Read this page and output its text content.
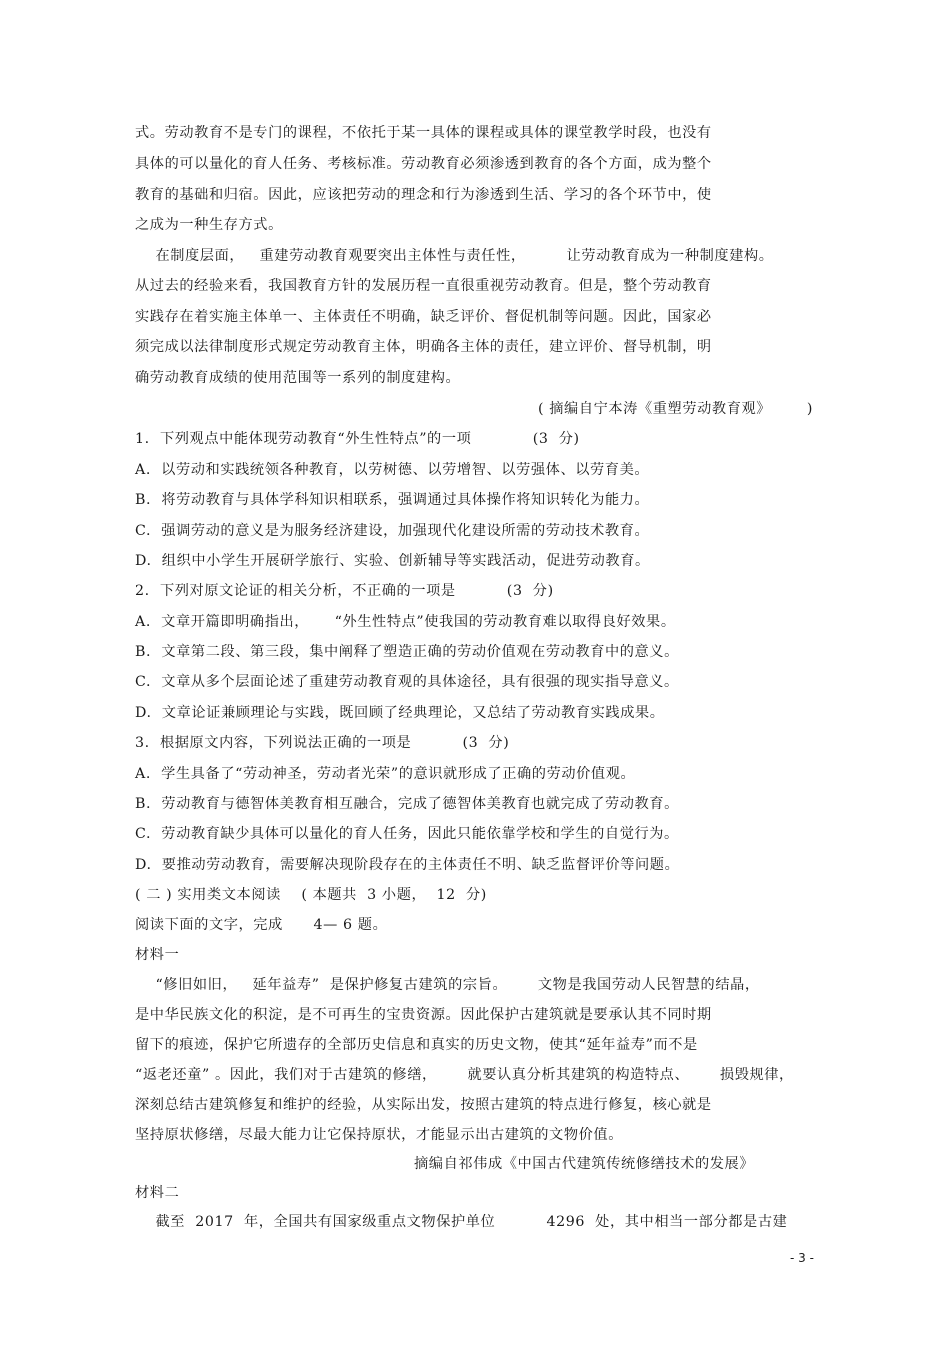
式。劳动教育不是专门的课程，不依托于某一具体的课程或具体的课堂教学时段，也没有
具体的可以量化的育人任务、考核标准。劳动教育必须渗透到教育的各个方面，成为整个
教育的基础和归宿。因此，应该把劳动的理念和行为渗透到生活、学习的各个环节中，使
之成为一种生存方式。
在制度层面，   重建劳动教育观要突出主体性与责任性，        让劳动教育成为一种制度建构。
从过去的经验来看，我国教育方针的发展历程一直很重视劳动教育。但是，整个劳动教育
实践存在着实施主体单一、主体责任不明确，缺乏评价、督促机制等问题。因此，国家必
须完成以法律制度形式规定劳动教育主体，明确各主体的责任，建立评价、督导机制，明
确劳动教育成绩的使用范围等一系列的制度建构。
( 摘编自宁本涛《重塑劳动教育观》       )
1.  下列观点中能体现劳动教育“外生性特点”的一项            (3  分)
A.  以劳动和实践统领各种教育，以劳树德、以劳增智、以劳强体、以劳育美。
B.  将劳动教育与具体学科知识相联系，强调通过具体操作将知识转化为能力。
C.  强调劳动的意义是为服务经济建设，加强现代化建设所需的劳动技术教育。
D.  组织中小学生开展研学旅行、实验、创新辅导等实践活动，促进劳动教育。
2.  下列对原文论证的相关分析，不正确的一项是          (3  分)
A.  文章开篇即明确指出，     “外生性特点”使我国的劳动教育难以取得良好效果。
B.  文章第二段、第三段，集中阐释了塑造正确的劳动价值观在劳动教育中的意义。
C.  文章从多个层面论述了重建劳动教育观的具体途径，具有很强的现实指导意义。
D.  文章论证兼顾理论与实践，既回顾了经典理论，又总结了劳动教育实践成果。
3.  根据原文内容，下列说法正确的一项是          (3  分)
A.  学生具备了“劳动神圣，劳动者光荣”的意识就形成了正确的劳动价值观。
B.  劳动教育与德智体美教育相互融合，完成了德智体美教育也就完成了劳动教育。
C.  劳动教育缺少具体可以量化的育人任务，因此只能依靠学校和学生的自觉行为。
D.  要推动劳动教育，需要解决现阶段存在的主体责任不明、缺乏监督评价等问题。
( 二 ) 实用类文本阅读    ( 本题共  3 小题，  12  分)
阅读下面的文字，完成      4— 6 题。
材料一
“修旧如旧，   延年益寿”  是保护修复古建筑的宗旨。      文物是我国劳动人民智慧的结晶，
是中华民族文化的积淀，是不可再生的宝贵资源。因此保护古建筑就是要承认其不同时期
留下的痕迹，保护它所遗存的全部历史信息和真实的历史文物，使其“延年益寿”而不是
“返老还童” 。因此，我们对于古建筑的修缮，      就要认真分析其建筑的构造特点、      损毁规律，
深刻总结古建筑修复和维护的经验，从实际出发，按照古建筑的特点进行修复，核心就是
坚持原状修缮，尽最大能力让它保持原状，才能显示出古建筑的文物价值。
摘编自祁伟成《中国古代建筑传统修缮技术的发展》
材料二
截至  2017  年，全国共有国家级重点文物保护单位          4296  处，其中相当一部分都是古建
- 3 -
